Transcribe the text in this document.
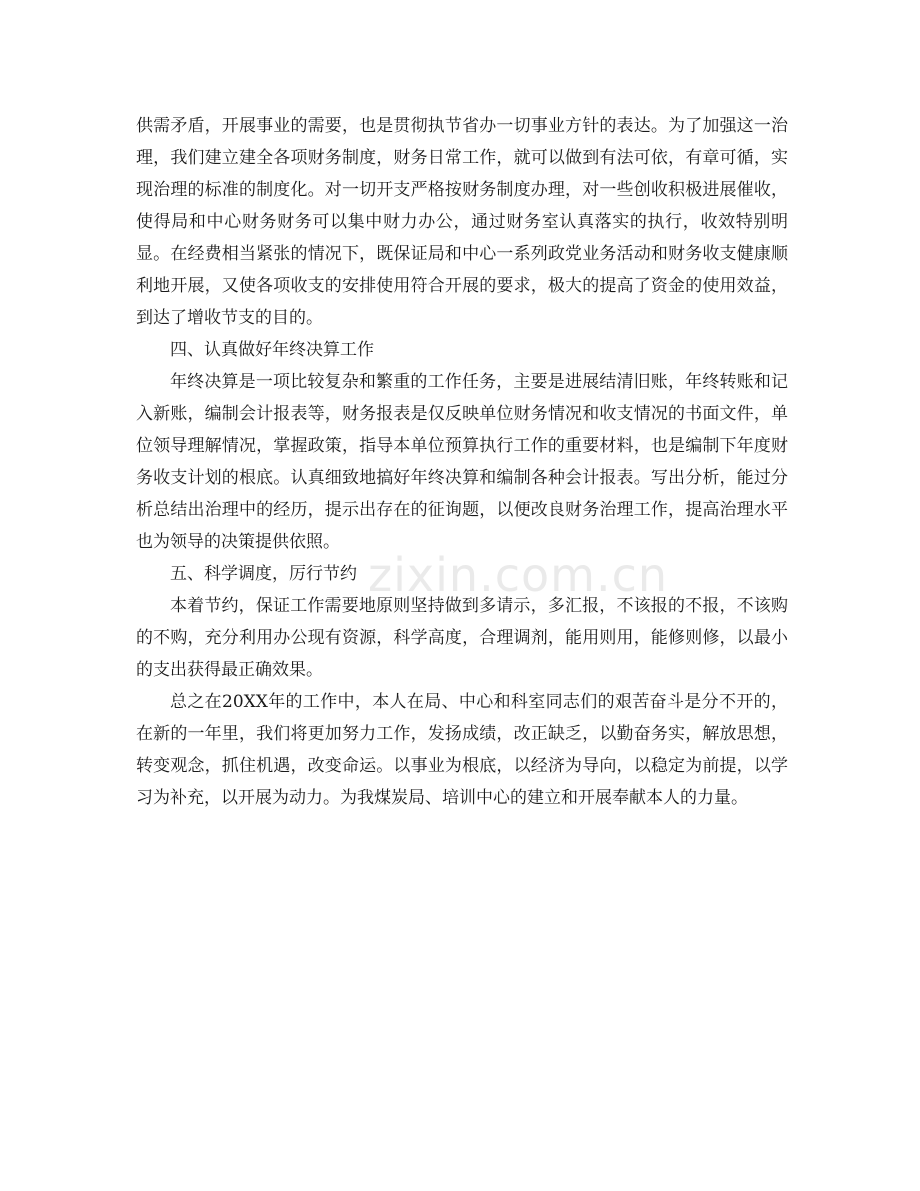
供需矛盾，开展事业的需要，也是贯彻执节省办一切事业方针的表达。为了加强这一治理，我们建立建全各项财务制度，财务日常工作，就可以做到有法可依，有章可循，实现治理的标准的制度化。对一切开支严格按财务制度办理，对一些创收积极进展催收，使得局和中心财务财务可以集中财力办公，通过财务室认真落实的执行，收效特别明显。在经费相当紧张的情况下，既保证局和中心一系列政党业务活动和财务收支健康顺利地开展，又使各项收支的安排使用符合开展的要求，极大的提高了资金的使用效益，到达了增收节支的目的。

四、认真做好年终决算工作

年终决算是一项比较复杂和繁重的工作任务，主要是进展结清旧账，年终转账和记入新账，编制会计报表等，财务报表是仅反映单位财务情况和收支情况的书面文件，单位领导理解情况，掌握政策，指导本单位预算执行工作的重要材料，也是编制下年度财务收支计划的根底。认真细致地搞好年终决算和编制各种会计报表。写出分析，能过分析总结出治理中的经历，提示出存在的征询题，以便改良财务治理工作，提高治理水平也为领导的决策提供依照。

五、科学调度，厉行节约

本着节约，保证工作需要地原则坚持做到多请示，多汇报，不该报的不报，不该购的不购，充分利用办公现有资源，科学高度，合理调剂，能用则用，能修则修，以最小的支出获得最正确效果。

总之在20XX年的工作中，本人在局、中心和科室同志们的艰苦奋斗是分不开的，在新的一年里，我们将更加努力工作，发扬成绩，改正缺乏，以勤奋务实，解放思想，转变观念，抓住机遇，改变命运。以事业为根底，以经济为导向，以稳定为前提，以学习为补充，以开展为动力。为我煤炭局、培训中心的建立和开展奉献本人的力量。

zixin.com.cn
